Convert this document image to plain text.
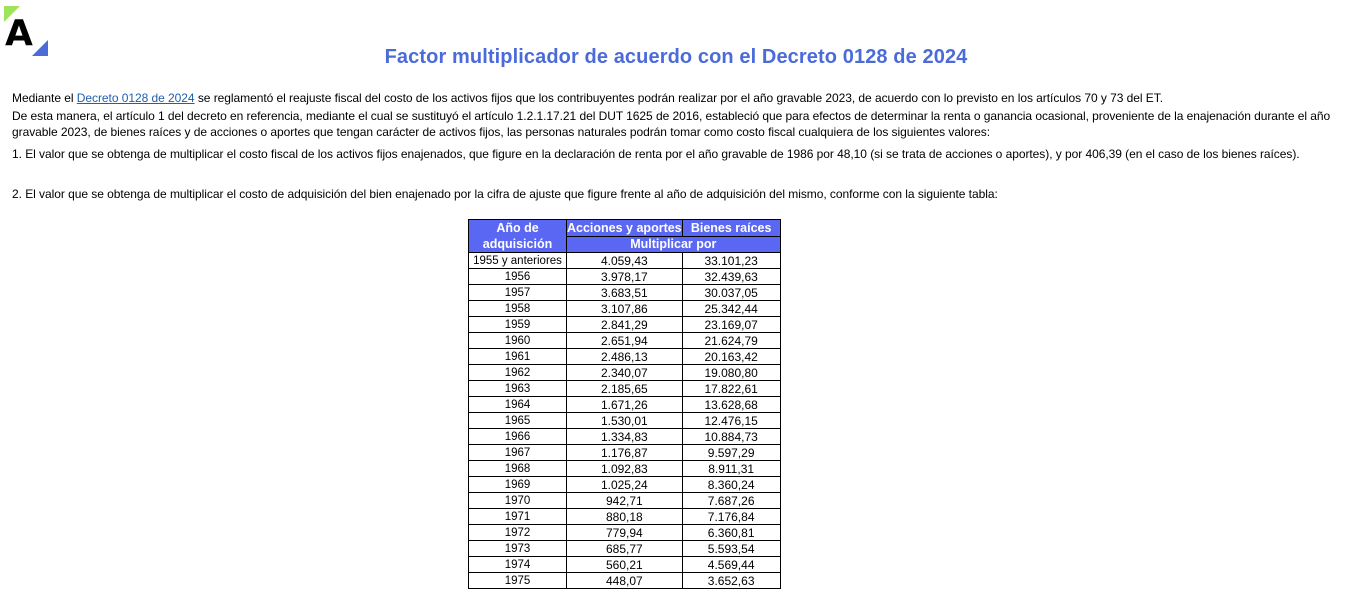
A
Factor multiplicador de acuerdo con el Decreto 0128 de 2024
Mediante el Decreto 0128 de 2024 se reglamentó el reajuste fiscal del costo de los activos fijos que los contribuyentes podrán realizar por el año gravable 2023, de acuerdo con lo previsto en los artículos 70 y 73 del ET.
De esta manera, el artículo 1 del decreto en referencia, mediante el cual se sustituyó el artículo 1.2.1.17.21 del DUT 1625 de 2016, estableció que para efectos de determinar la renta o ganancia ocasional, proveniente de la enajenación durante el año gravable 2023, de bienes raíces y de acciones o aportes que tengan carácter de activos fijos, las personas naturales podrán tomar como costo fiscal cualquiera de los siguientes valores:
1. El valor que se obtenga de multiplicar el costo fiscal de los activos fijos enajenados, que figure en la declaración de renta por el año gravable de 1986 por 48,10 (si se trata de acciones o aportes), y por 406,39 (en el caso de los bienes raíces).
2. El valor que se obtenga de multiplicar el costo de adquisición del bien enajenado por la cifra de ajuste que figure frente al año de adquisición del mismo, conforme con la siguiente tabla:
Año de adquisición	Acciones y aportes	Bienes raíces
	Multiplicar por	
1955 y anteriores	4.059,43	33.101,23
1956	3.978,17	32.439,63
1957	3.683,51	30.037,05
1958	3.107,86	25.342,44
1959	2.841,29	23.169,07
1960	2.651,94	21.624,79
1961	2.486,13	20.163,42
1962	2.340,07	19.080,80
1963	2.185,65	17.822,61
1964	1.671,26	13.628,68
1965	1.530,01	12.476,15
1966	1.334,83	10.884,73
1967	1.176,87	9.597,29
1968	1.092,83	8.911,31
1969	1.025,24	8.360,24
1970	942,71	7.687,26
1971	880,18	7.176,84
1972	779,94	6.360,81
1973	685,77	5.593,54
1974	560,21	4.569,44
1975	448,07	3.652,63
